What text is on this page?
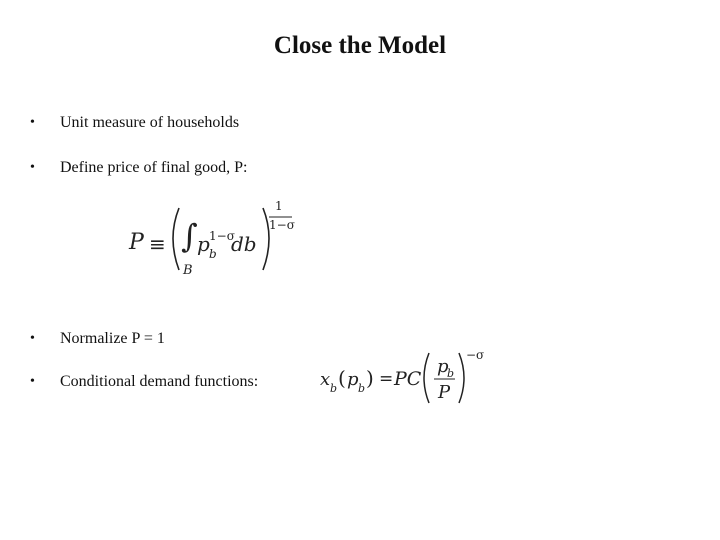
Close the Model
•	Unit measure of households
•	Define price of final good, P:
P ≡ ∫
B
p b
1−σ
db
1
1−σ
•	Normalize P = 1
•	Conditional demand functions:	x b ( p b ) = PC
p
b
P
−σ
